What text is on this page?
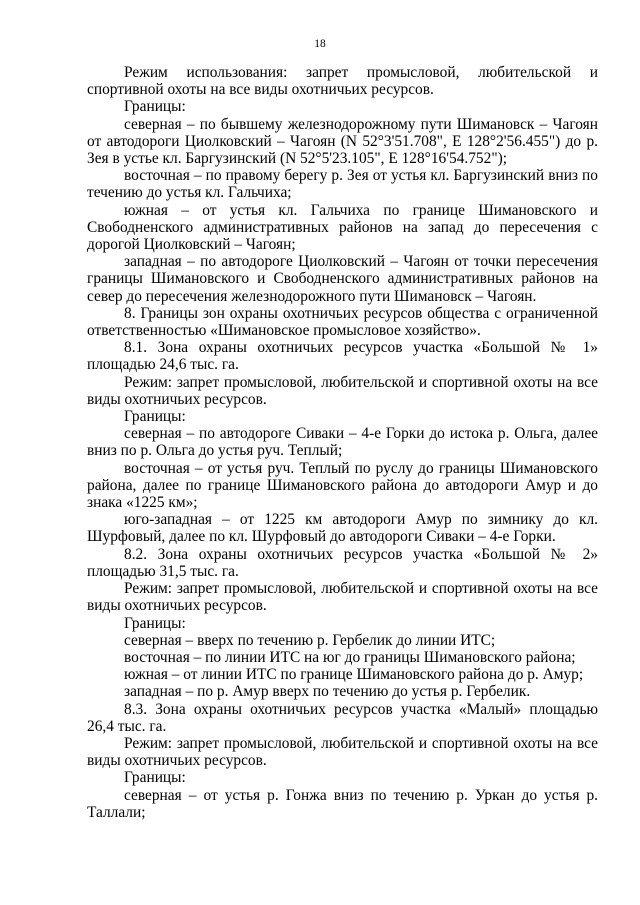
18

Режим использования: запрет промысловой, любительской и спортивной охоты на все виды охотничьих ресурсов.

Границы:

северная – по бывшему железнодорожному пути Шимановск – Чагоян от автодороги Циолковский – Чагоян (N 52°3'51.708", E 128°2'56.455") до р. Зея в устье кл. Баргузинский (N 52°5'23.105", E 128°16'54.752");

восточная – по правому берегу р. Зея от устья кл. Баргузинский вниз по течению до устья кл. Гальчиха;

южная – от устья кл. Гальчиха по границе Шимановского и Свободненского административных районов на запад до пересечения с дорогой Циолковский – Чагоян;

западная – по автодороге Циолковский – Чагоян от точки пересечения границы Шимановского и Свободненского административных районов на север до пересечения железнодорожного пути Шимановск – Чагоян.

8. Границы зон охраны охотничьих ресурсов общества с ограниченной ответственностью «Шимановское промысловое хозяйство».

8.1. Зона охраны охотничьих ресурсов участка «Большой № 1» площадью 24,6 тыс. га.

Режим: запрет промысловой, любительской и спортивной охоты на все виды охотничьих ресурсов.

Границы:

северная – по автодороге Сиваки – 4-е Горки до истока р. Ольга, далее вниз по р. Ольга до устья руч. Теплый;

восточная – от устья руч. Теплый по руслу до границы Шимановского района, далее по границе Шимановского района до автодороги Амур и до знака «1225 км»;

юго-западная – от 1225 км автодороги Амур по зимнику до кл. Шурфовый, далее по кл. Шурфовый до автодороги Сиваки – 4-е Горки.

8.2. Зона охраны охотничьих ресурсов участка «Большой № 2» площадью 31,5 тыс. га.

Режим: запрет промысловой, любительской и спортивной охоты на все виды охотничьих ресурсов.

Границы:

северная – вверх по течению р. Гербелик до линии ИТС;

восточная – по линии ИТС на юг до границы Шимановского района;

южная – от линии ИТС по границе Шимановского района до р. Амур;

западная – по р. Амур вверх по течению до устья р. Гербелик.

8.3. Зона охраны охотничьих ресурсов участка «Малый» площадью 26,4 тыс. га.

Режим: запрет промысловой, любительской и спортивной охоты на все виды охотничьих ресурсов.

Границы:

северная – от устья р. Гонжа вниз по течению р. Уркан до устья р. Таллали;
